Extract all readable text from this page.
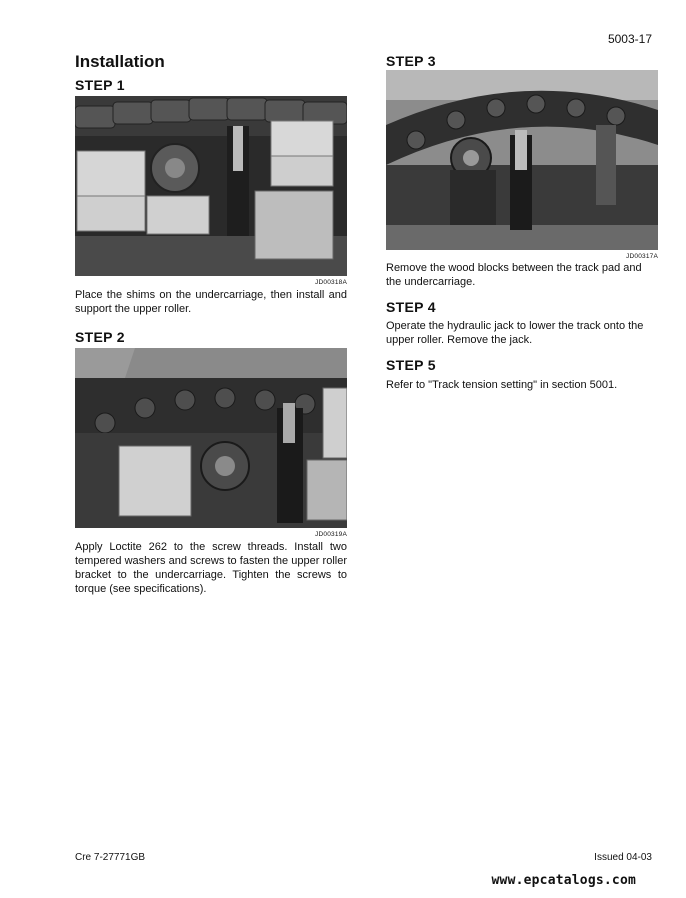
5003-17
Installation
STEP 1
JD00318A

Place the shims on the undercarriage, then install and support the upper roller.

STEP 2
JD00319A

Apply Loctite 262 to the screw threads. Install two tempered washers and screws to fasten the upper roller bracket to the undercarriage. Tighten the screws to torque (see specifications).

STEP 3
JD00317A

Remove the wood blocks between the track pad and the undercarriage.

STEP 4

Operate the hydraulic jack to lower the track onto the upper roller. Remove the jack.

STEP 5

Refer to "Track tension setting" in section 5001.

Cre 7-27771GB	Issued 04-03
www.epcatalogs.com
